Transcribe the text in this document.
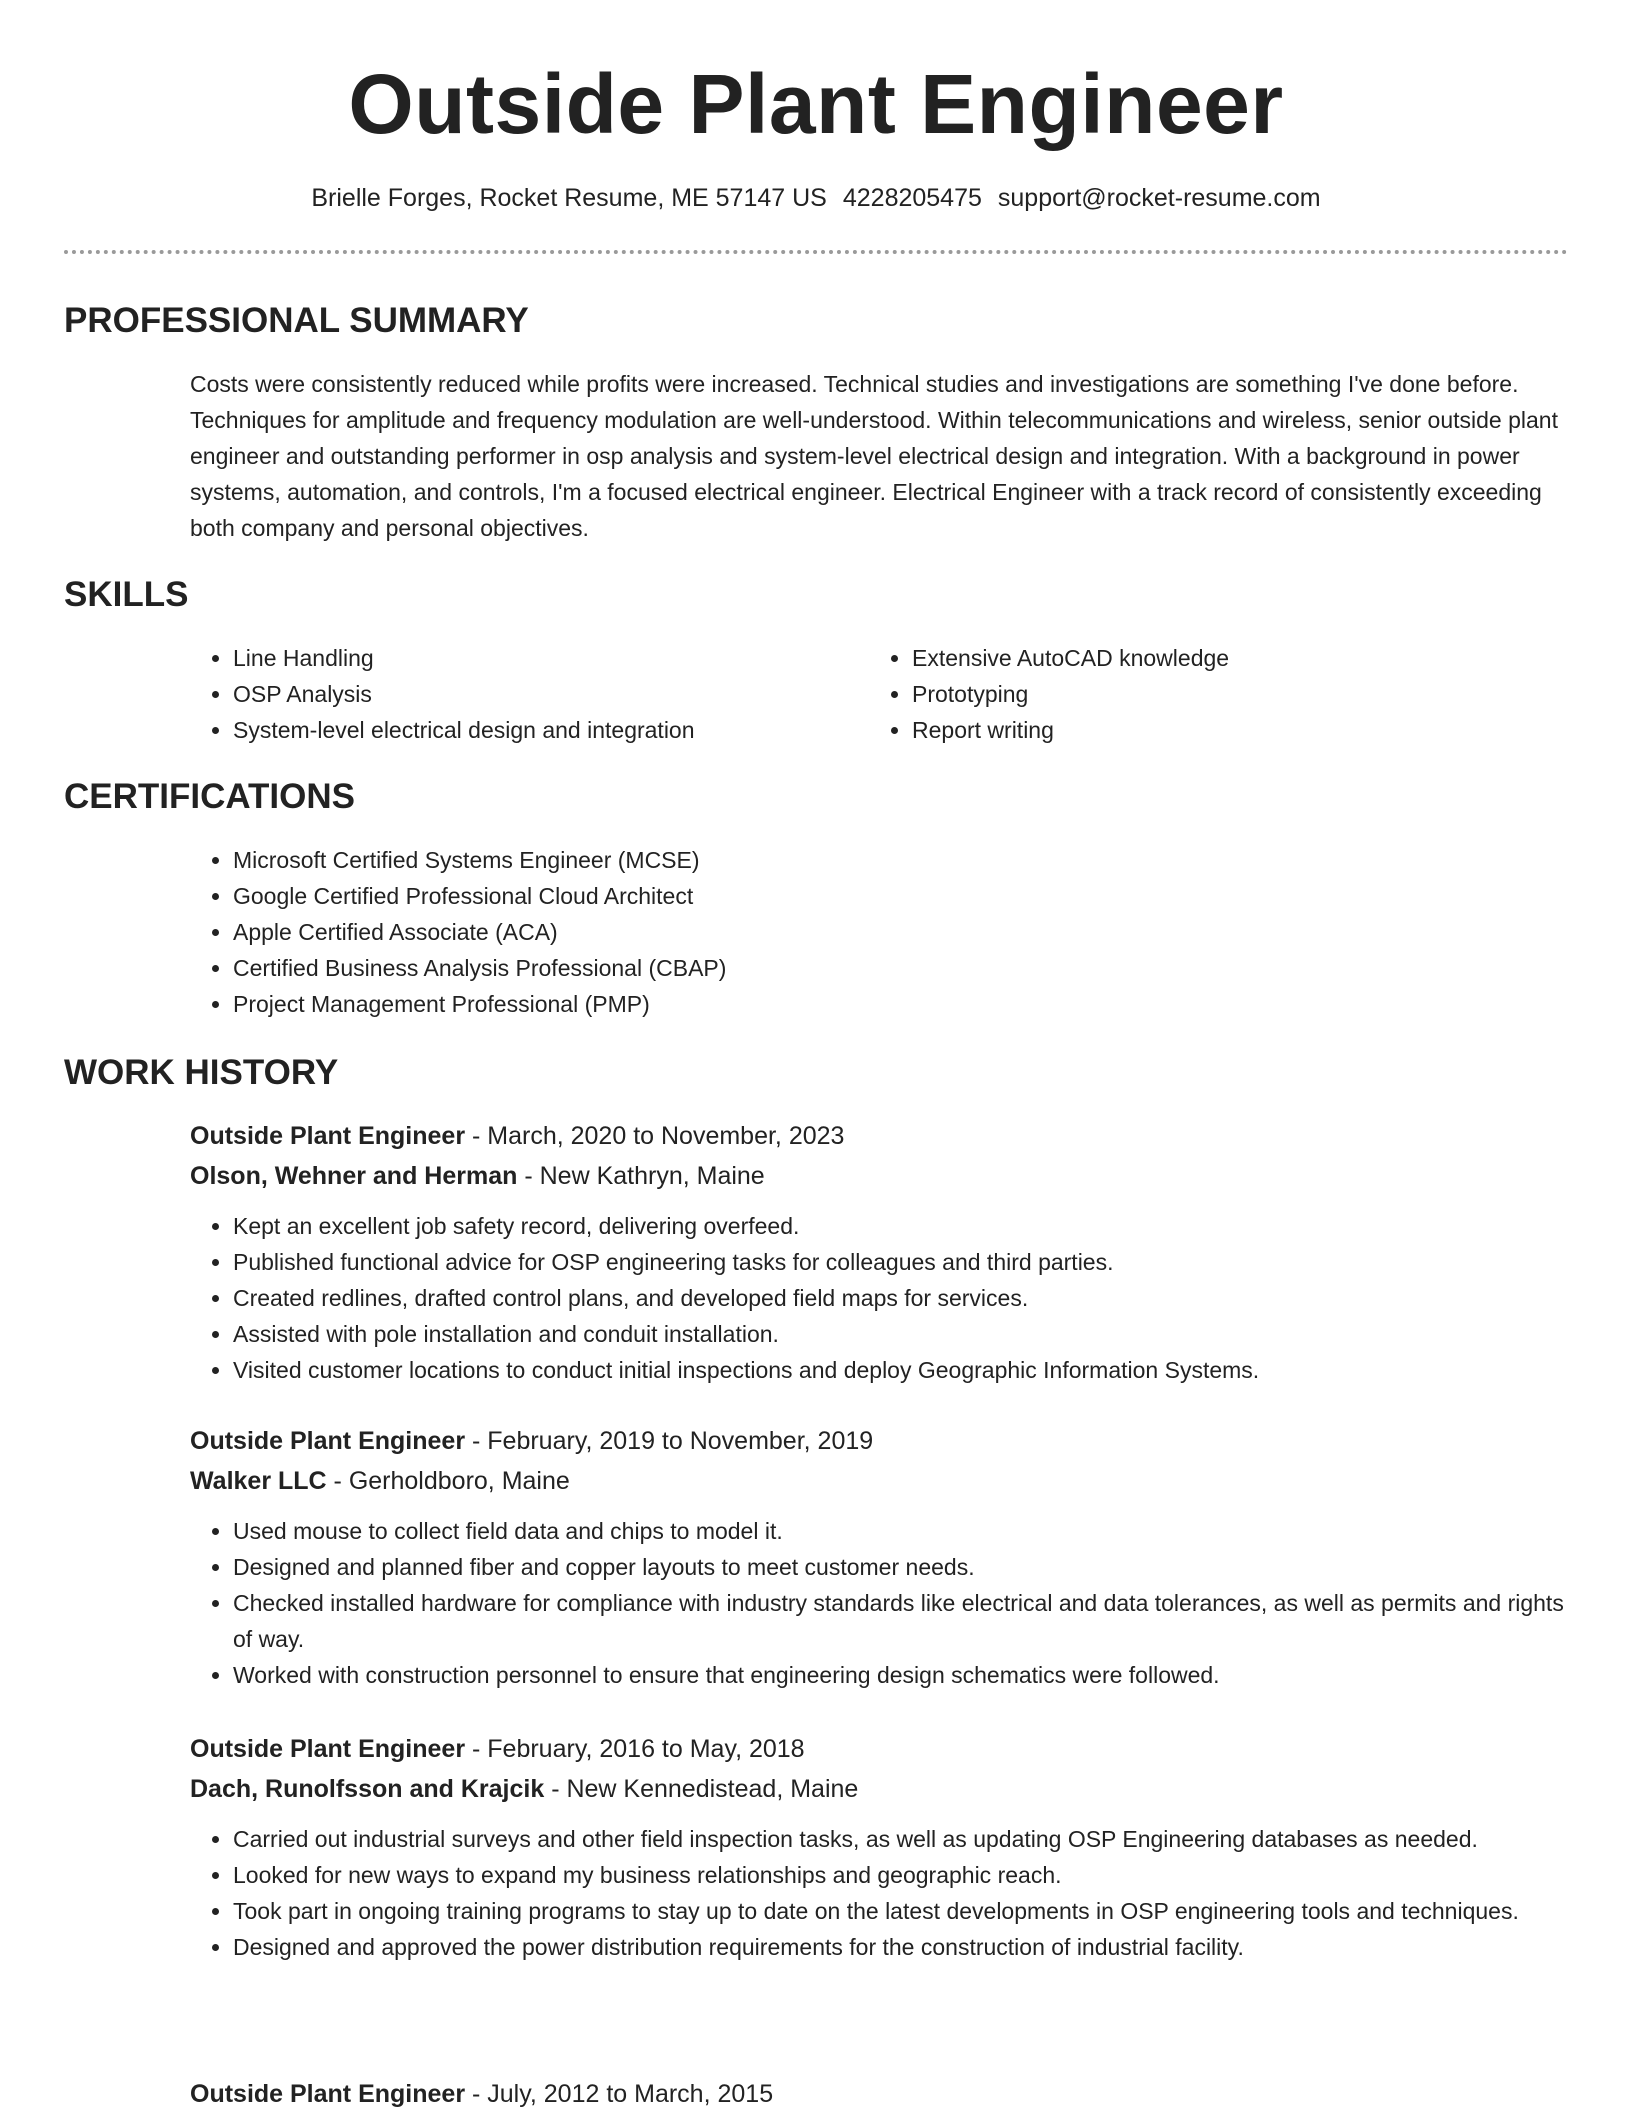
Outside Plant Engineer
Brielle Forges, Rocket Resume, ME 57147 US 4228205475 support@rocket-resume.com
PROFESSIONAL SUMMARY

Costs were consistently reduced while profits were increased. Technical studies and investigations are something I've done before. Techniques for amplitude and frequency modulation are well-understood. Within telecommunications and wireless, senior outside plant engineer and outstanding performer in osp analysis and system-level electrical design and integration. With a background in power systems, automation, and controls, I'm a focused electrical engineer. Electrical Engineer with a track record of consistently exceeding both company and personal objectives.

SKILLS
• Line Handling
• OSP Analysis
• System-level electrical design and integration
• Extensive AutoCAD knowledge
• Prototyping
• Report writing
CERTIFICATIONS
• Microsoft Certified Systems Engineer (MCSE)
• Google Certified Professional Cloud Architect
• Apple Certified Associate (ACA)
• Certified Business Analysis Professional (CBAP)
• Project Management Professional (PMP)
WORK HISTORY
Outside Plant Engineer - March, 2020 to November, 2023
Olson, Wehner and Herman - New Kathryn, Maine
• Kept an excellent job safety record, delivering overfeed.
• Published functional advice for OSP engineering tasks for colleagues and third parties.
• Created redlines, drafted control plans, and developed field maps for services.
• Assisted with pole installation and conduit installation.
• Visited customer locations to conduct initial inspections and deploy Geographic Information Systems.
Outside Plant Engineer - February, 2019 to November, 2019
Walker LLC - Gerholdboro, Maine
• Used mouse to collect field data and chips to model it.
• Designed and planned fiber and copper layouts to meet customer needs.
• Checked installed hardware for compliance with industry standards like electrical and data tolerances, as well as permits and rights of way.
• Worked with construction personnel to ensure that engineering design schematics were followed.
Outside Plant Engineer - February, 2016 to May, 2018
Dach, Runolfsson and Krajcik - New Kennedistead, Maine
• Carried out industrial surveys and other field inspection tasks, as well as updating OSP Engineering databases as needed.
• Looked for new ways to expand my business relationships and geographic reach.
• Took part in ongoing training programs to stay up to date on the latest developments in OSP engineering tools and techniques.
• Designed and approved the power distribution requirements for the construction of industrial facility.
Outside Plant Engineer - July, 2012 to March, 2015
